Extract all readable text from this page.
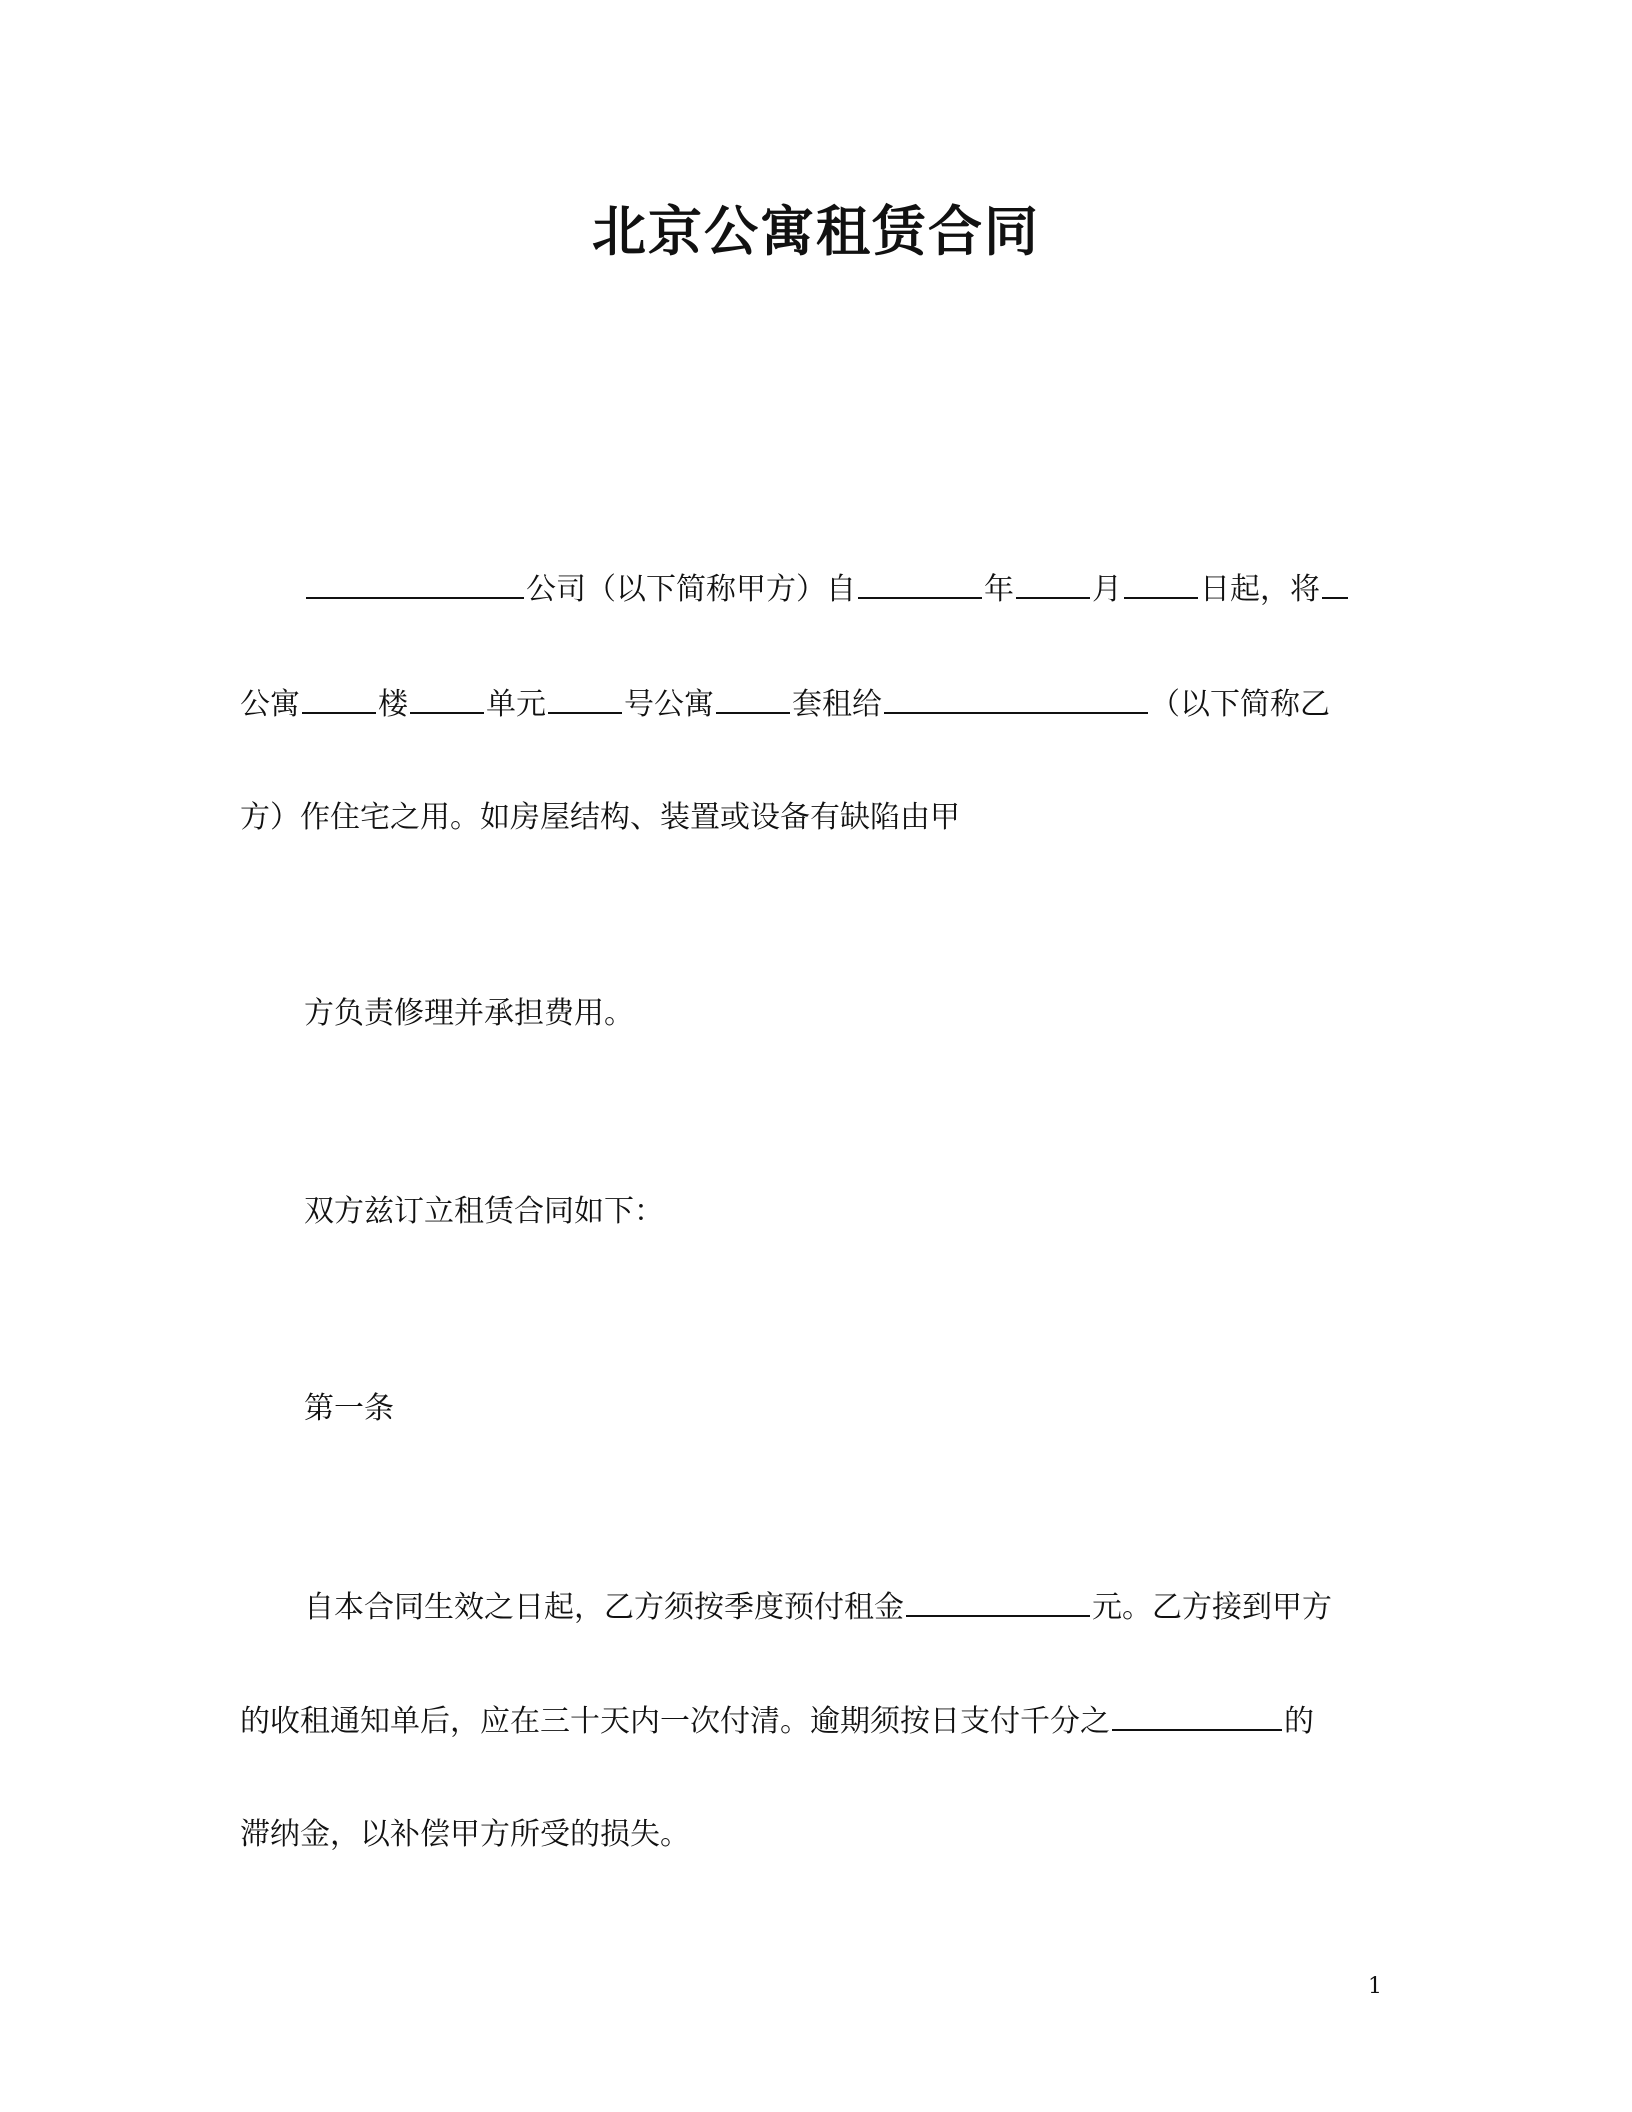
北京公寓租赁合同
公司（以下简称甲方）自	年	月	日起，将
公寓	楼	单元	号公寓	套租给	（以下简称乙
方）作住宅之用。如房屋结构、装置或设备有缺陷由甲
方负责修理并承担费用。
双方兹订立租赁合同如下：
第一条
自本合同生效之日起，乙方须按季度预付租金	元。乙方接到甲方
的收租通知单后，应在三十天内一次付清。逾期须按日支付千分之	的
滞纳金，以补偿甲方所受的损失。
1
